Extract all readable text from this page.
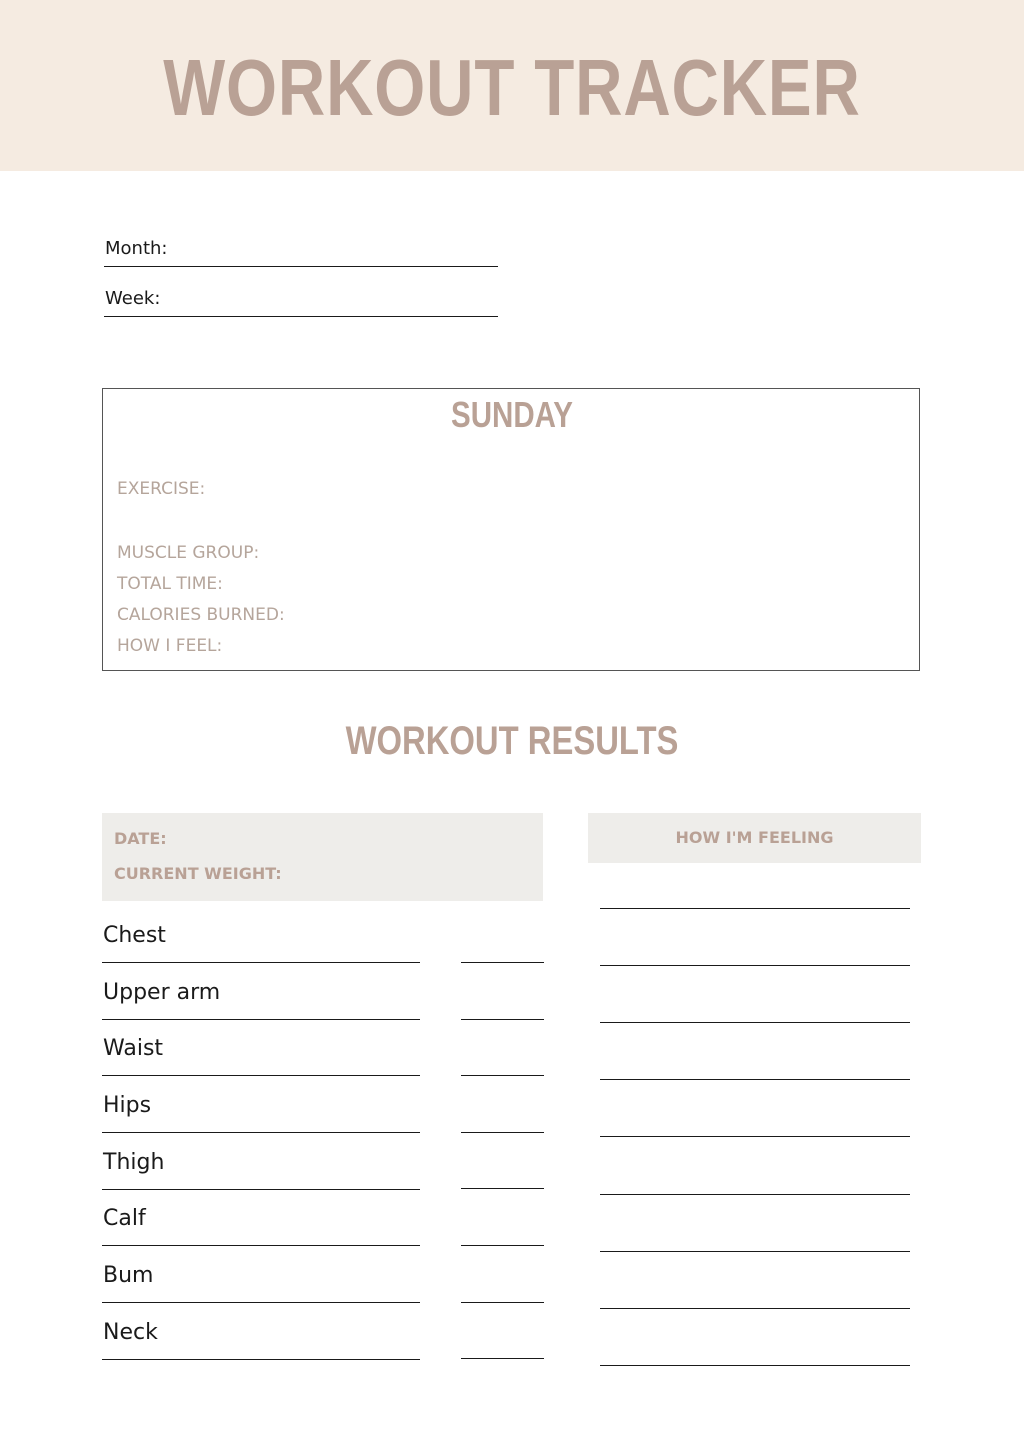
WORKOUT TRACKER
Month:
Week:
SUNDAY
EXERCISE:
MUSCLE GROUP:
TOTAL TIME:
CALORIES BURNED:
HOW I FEEL:
WORKOUT RESULTS
DATE:
CURRENT WEIGHT:
HOW I'M FEELING
Chest
Upper arm
Waist
Hips
Thigh
Calf
Bum
Neck
